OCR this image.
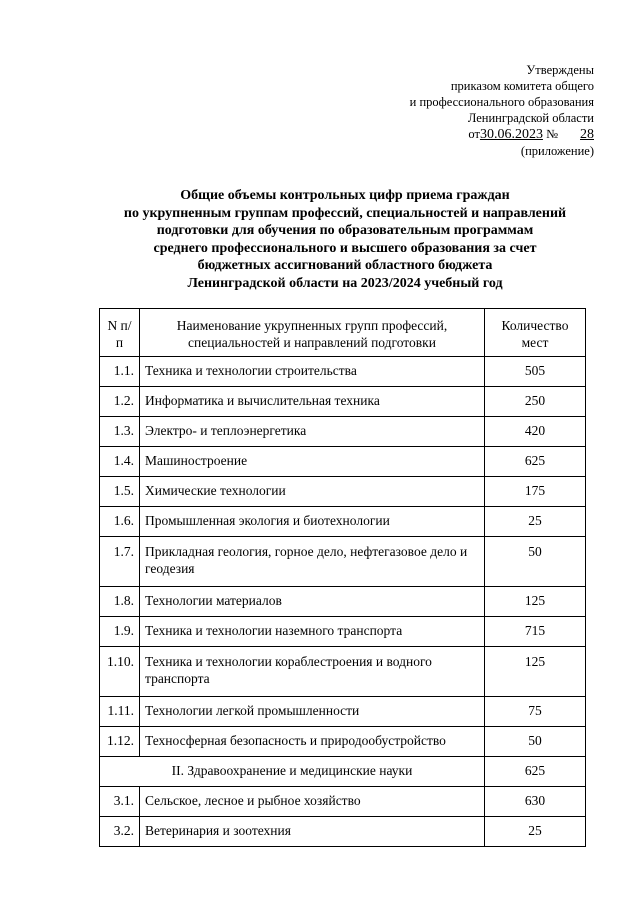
Утверждены
приказом комитета общего
и профессионального образования
Ленинградской области
от30.06.2023 № 28
(приложение)
Общие объемы контрольных цифр приема граждан
по укрупненным группам профессий, специальностей и направлений
подготовки для обучения по образовательным программам
среднего профессионального и высшего образования за счет
бюджетных ассигнований областного бюджета
Ленинградской области на 2023/2024 учебный год
N п/п	Наименование укрупненных групп профессий, специальностей и направлений подготовки	Количество мест
1.1.	Техника и технологии строительства	505
1.2.	Информатика и вычислительная техника	250
1.3.	Электро- и теплоэнергетика	420
1.4.	Машиностроение	625
1.5.	Химические технологии	175
1.6.	Промышленная экология и биотехнологии	25
1.7.	Прикладная геология, горное дело, нефтегазовое дело и геодезия	50
1.8.	Технологии материалов	125
1.9.	Техника и технологии наземного транспорта	715
1.10.	Техника и технологии кораблестроения и водного транспорта	125
1.11.	Технологии легкой промышленности	75
1.12.	Техносферная безопасность и природообустройство	50
II. Здравоохранение и медицинские науки		625
3.1.	Сельское, лесное и рыбное хозяйство	630
3.2.	Ветеринария и зоотехния	25
